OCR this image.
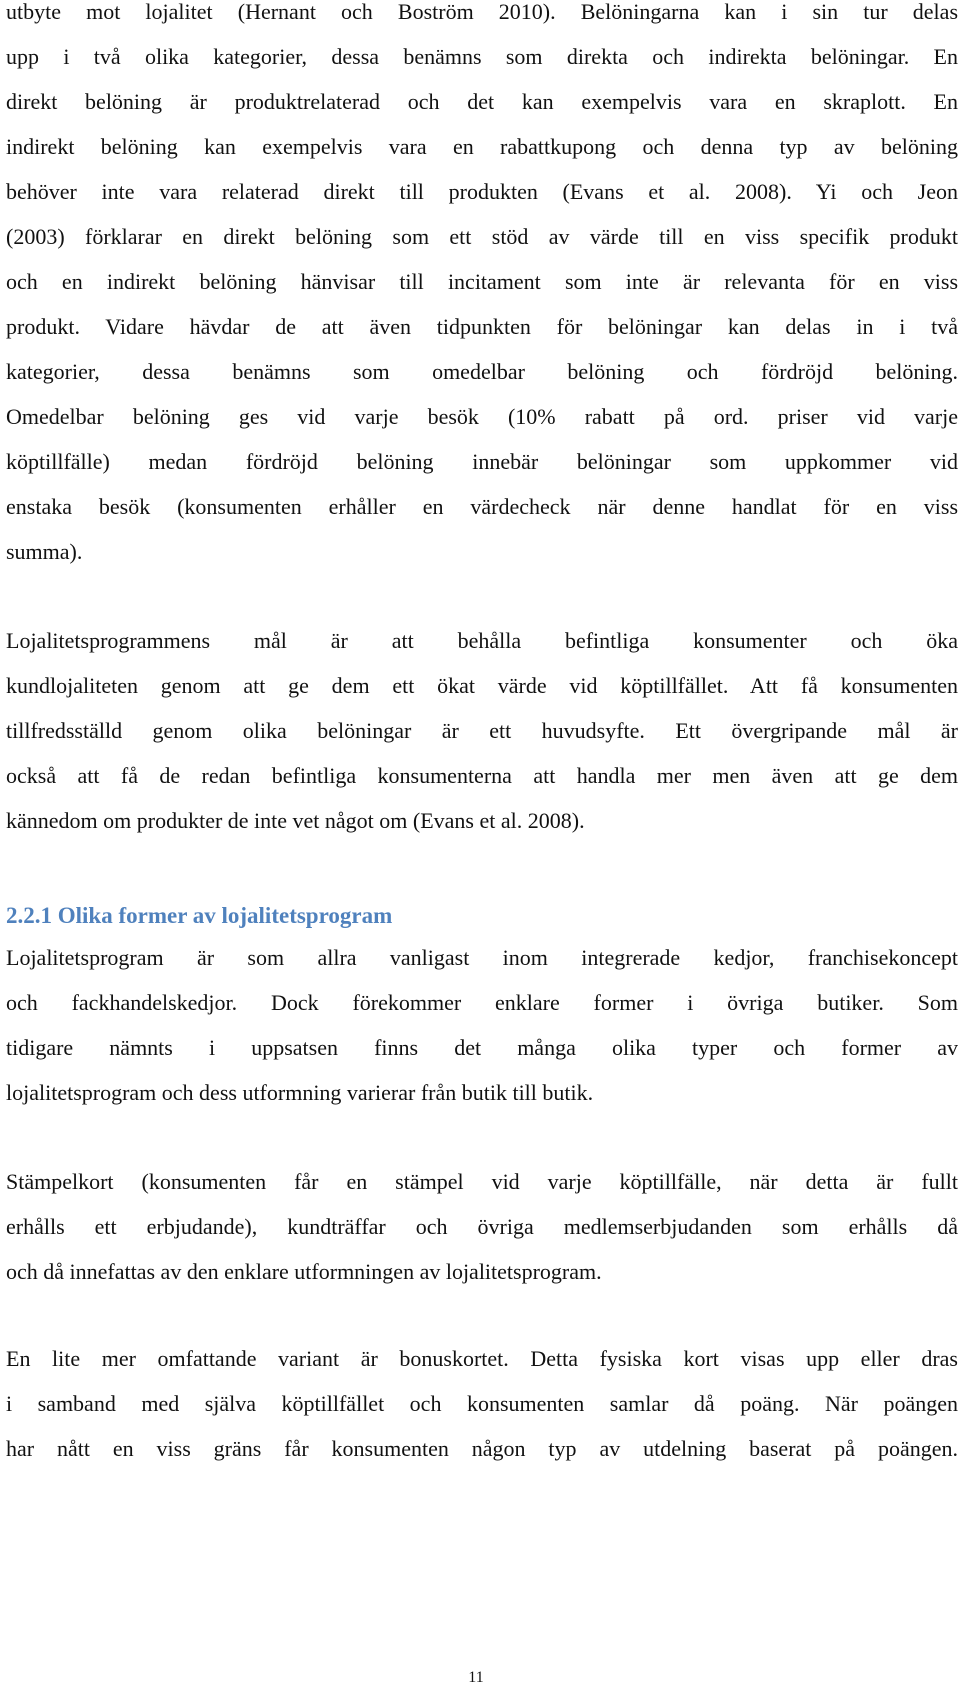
utbyte mot lojalitet (Hernant och Boström 2010). Belöningarna kan i sin tur delas
upp i två olika kategorier, dessa benämns som direkta och indirekta belöningar. En
direkt belöning är produktrelaterad och det kan exempelvis vara en skraplott. En
indirekt belöning kan exempelvis vara en rabattkupong och denna typ av belöning
behöver inte vara relaterad direkt till produkten (Evans et al. 2008). Yi och Jeon
(2003) förklarar en direkt belöning som ett stöd av värde till en viss specifik produkt
och en indirekt belöning hänvisar till incitament som inte är relevanta för en viss
produkt. Vidare hävdar de att även tidpunkten för belöningar kan delas in i två
kategorier, dessa benämns som omedelbar belöning och fördröjd belöning.
Omedelbar belöning ges vid varje besök (10% rabatt på ord. priser vid varje
köptillfälle) medan fördröjd belöning innebär belöningar som uppkommer vid
enstaka besök (konsumenten erhåller en värdecheck när denne handlat för en viss
summa).
Lojalitetsprogrammens mål är att behålla befintliga konsumenter och öka
kundlojaliteten genom att ge dem ett ökat värde vid köptillfället. Att få konsumenten
tillfredsställd genom olika belöningar är ett huvudsyfte. Ett övergripande mål är
också att få de redan befintliga konsumenterna att handla mer men även att ge dem
kännedom om produkter de inte vet något om (Evans et al. 2008).
2.2.1 Olika former av lojalitetsprogram
Lojalitetsprogram är som allra vanligast inom integrerade kedjor, franchisekoncept
och fackhandelskedjor. Dock förekommer enklare former i övriga butiker. Som
tidigare nämnts i uppsatsen finns det många olika typer och former av
lojalitetsprogram och dess utformning varierar från butik till butik.
Stämpelkort (konsumenten får en stämpel vid varje köptillfälle, när detta är fullt
erhålls ett erbjudande), kundträffar och övriga medlemserbjudanden som erhålls då
och då innefattas av den enklare utformningen av lojalitetsprogram.
En lite mer omfattande variant är bonuskortet. Detta fysiska kort visas upp eller dras
i samband med själva köptillfället och konsumenten samlar då poäng. När poängen
har nått en viss gräns får konsumenten någon typ av utdelning baserat på poängen.
11
